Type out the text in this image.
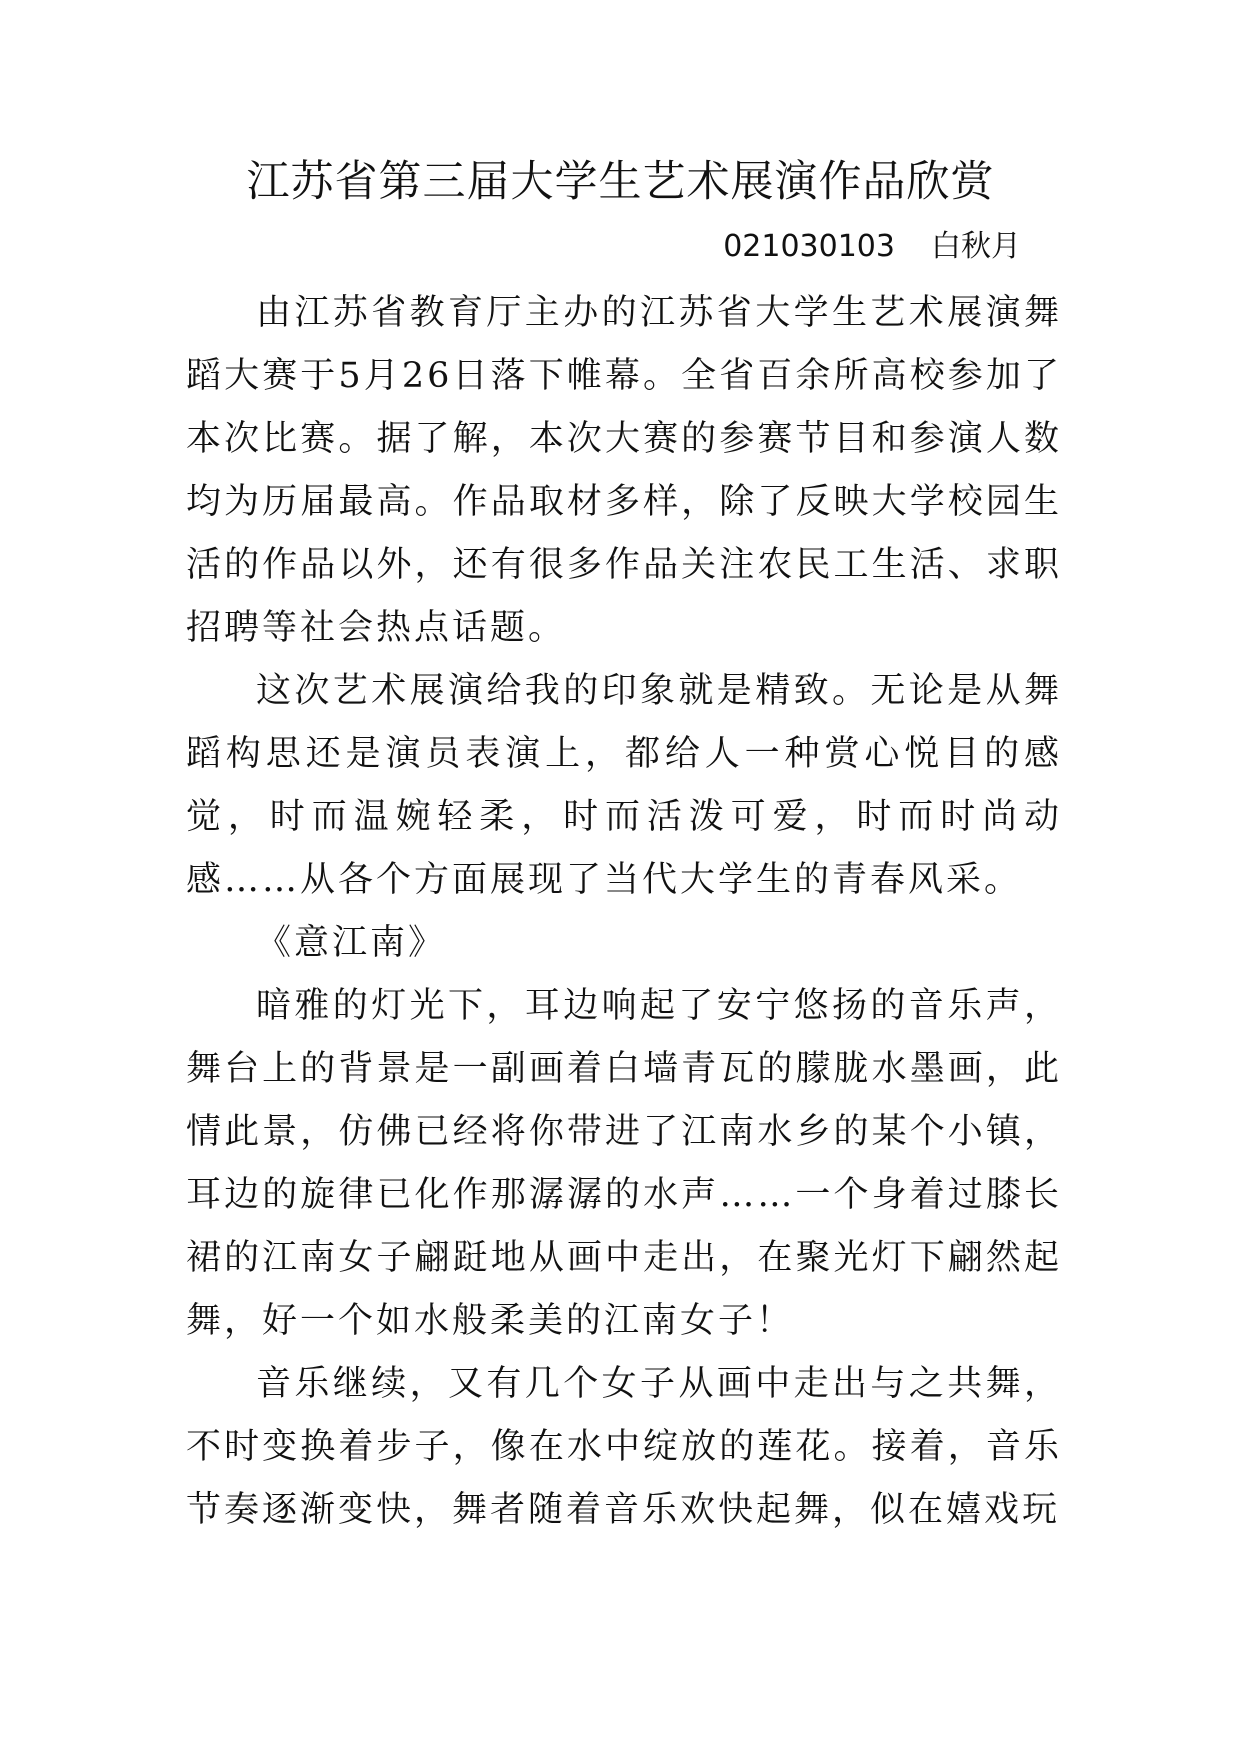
江苏省第三届大学生艺术展演作品欣赏
021030103 白秋月

由江苏省教育厅主办的江苏省大学生艺术展演舞蹈大赛于5月26日落下帷幕。全省百余所高校参加了本次比赛。据了解，本次大赛的参赛节目和参演人数均为历届最高。作品取材多样，除了反映大学校园生活的作品以外，还有很多作品关注农民工生活、求职招聘等社会热点话题。

这次艺术展演给我的印象就是精致。无论是从舞蹈构思还是演员表演上，都给人一种赏心悦目的感觉，时而温婉轻柔，时而活泼可爱，时而时尚动感……从各个方面展现了当代大学生的青春风采。

《意江南》

暗雅的灯光下，耳边响起了安宁悠扬的音乐声，舞台上的背景是一副画着白墙青瓦的朦胧水墨画，此情此景，仿佛已经将你带进了江南水乡的某个小镇，耳边的旋律已化作那潺潺的水声……一个身着过膝长裙的江南女子翩跹地从画中走出，在聚光灯下翩然起舞，好一个如水般柔美的江南女子！

音乐继续，又有几个女子从画中走出与之共舞，不时变换着步子，像在水中绽放的莲花。接着，音乐节奏逐渐变快，舞者随着音乐欢快起舞，似在嬉戏玩
